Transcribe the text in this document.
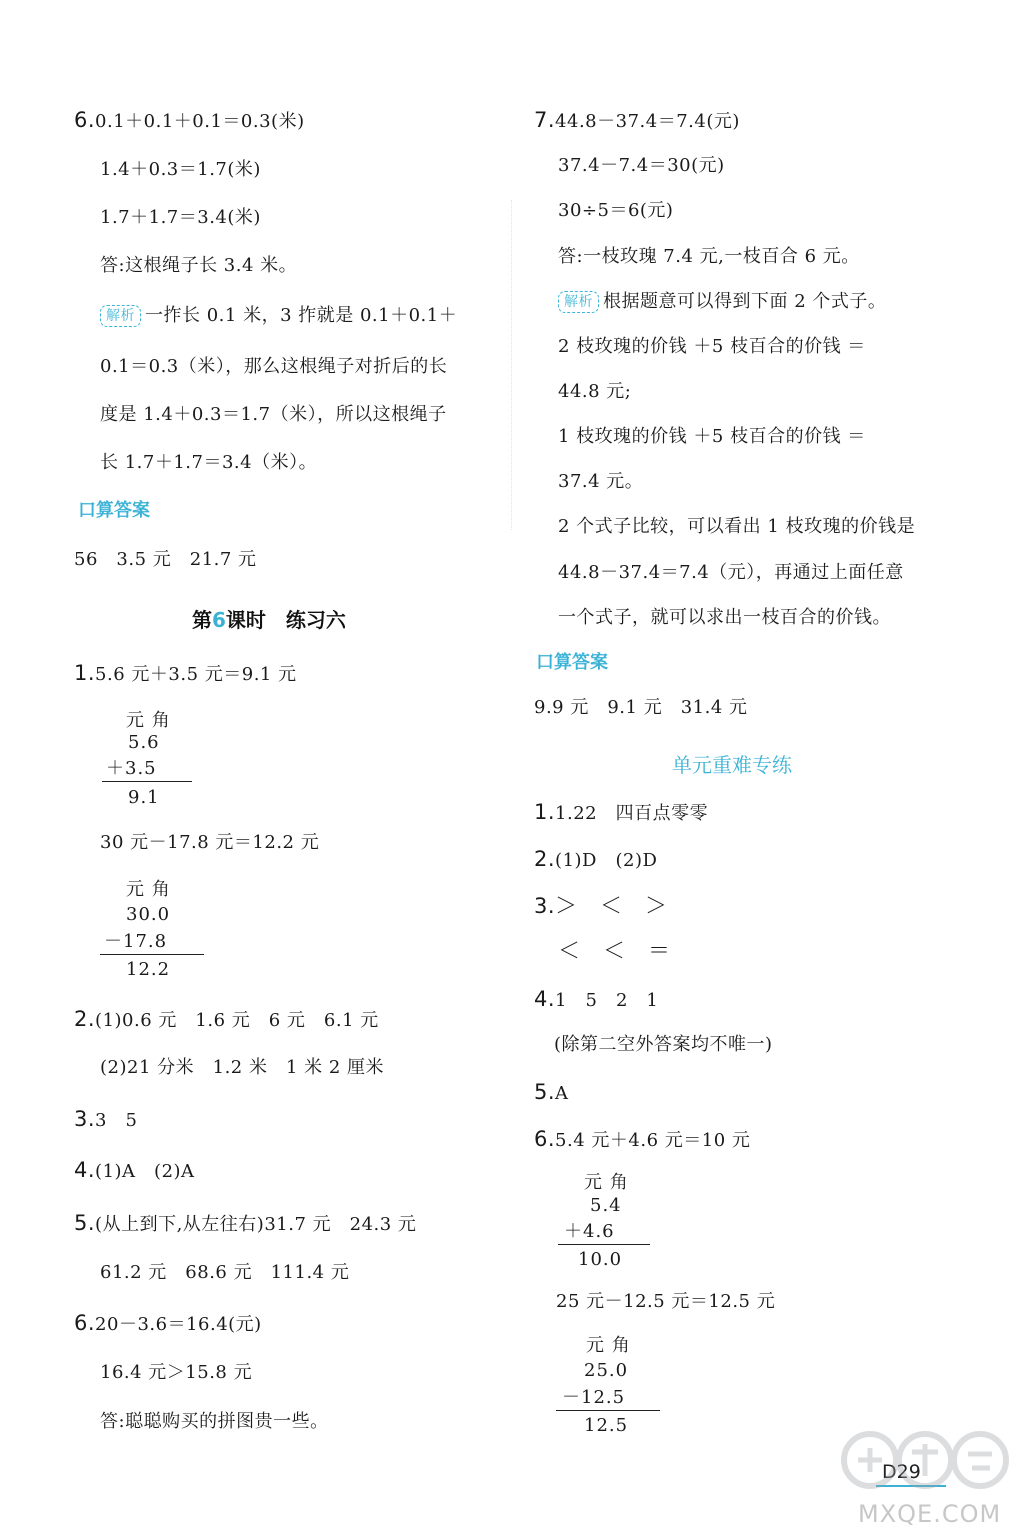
6.0.1＋0.1＋0.1＝0.3(米)
1.4＋0.3＝1.7(米)
1.7＋1.7＝3.4(米)
答:这根绳子长 3.4 米。
解析 一拃长 0.1 米，3 拃就是 0.1＋0.1＋
0.1＝0.3（米），那么这根绳子对折后的长
度是 1.4＋0.3＝1.7（米），所以这根绳子
长 1.7＋1.7＝3.4（米）。
口算答案
56　3.5 元　21.7 元
第6课时　练习六
1.5.6 元＋3.5 元＝9.1 元
元 角
5.6
＋3.5
9.1
30 元－17.8 元＝12.2 元
元 角
30.0
－17.8
12.2
2.(1)0.6 元　1.6 元　6 元　6.1 元
(2)21 分米　1.2 米　1 米 2 厘米
3.3　5
4.(1)A　(2)A
5.(从上到下,从左往右)31.7 元　24.3 元
61.2 元　68.6 元　111.4 元
6.20－3.6＝16.4(元)
16.4 元＞15.8 元
答:聪聪购买的拼图贵一些。
7.44.8－37.4＝7.4(元)
37.4－7.4＝30(元)
30÷5＝6(元)
答:一枝玫瑰 7.4 元,一枝百合 6 元。
解析 根据题意可以得到下面 2 个式子。
2 枝玫瑰的价钱 ＋5 枝百合的价钱 ＝
44.8 元;
1 枝玫瑰的价钱 ＋5 枝百合的价钱 ＝
37.4 元。
2 个式子比较，可以看出 1 枝玫瑰的价钱是
44.8－37.4＝7.4（元），再通过上面任意
一个式子，就可以求出一枝百合的价钱。
口算答案
9.9 元　9.1 元　31.4 元
单元重难专练
1.1.22　四百点零零
2.(1)D　(2)D
3.＞　＜　＞
＜　＜　＝
4.1　5　2　1
(除第二空外答案均不唯一)
5.A
6.5.4 元＋4.6 元＝10 元
元 角
5.4
＋4.6
10.0
25 元－12.5 元＝12.5 元
元 角
25.0
－12.5
12.5
D29
MXQE.COM
